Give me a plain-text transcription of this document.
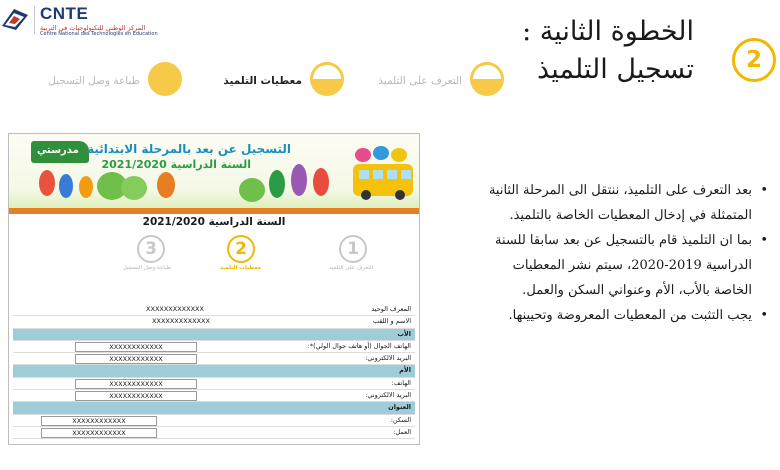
CNTE
المركز الوطني للتكنولوجيات في التربية
Centre National des Technologies en Education
التعرف على التلميذ
معطيات التلميذ
طباعة وصل التسجيل
الخطوة الثانية :
تسجيل التلميذ	2
مدرستي التسجيل عن بعد بالمرحلة الابتدائية
السنة الدراسية 2021/2020
السنة الدراسية 2021/2020
1
التعرف على التلميذ
2
معطيات التلميذ
3
طباعة وصل التسجيل
المعرف الوحيد
XXXXXXXXXXXXX
الاسم و اللقب
XXXXXXXXXXXXX
الأب
الهاتف الجوال (أو هاتف جوال الولي)*:
XXXXXXXXXXXX
البريد الالكتروني:
XXXXXXXXXXXX
الأم
الهاتف:
XXXXXXXXXXXX
البريد الالكتروني:
XXXXXXXXXXXX
العنوان
السكن:
XXXXXXXXXXXX
العمل:
XXXXXXXXXXXX
• بعد التعرف على التلميذ، ننتقل الى المرحلة الثانية المتمثلة في إدخال المعطيات الخاصة بالتلميذ.
• بما ان التلميذ قام بالتسجيل عن بعد سابقا للسنة الدراسية 2019-2020، سيتم نشر المعطيات الخاصة بالأب، الأم وعنواني السكن والعمل.
• يجب التثبت من المعطيات المعروضة وتحيينها.
